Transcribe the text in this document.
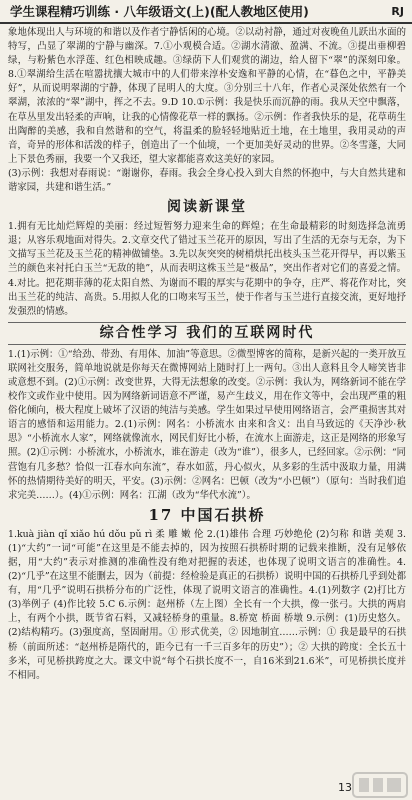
学生课程精巧训练 · 八年级语文(上)(配人教地区使用)	RJ

象地体现出人与环境的和谐以及作者宁静恬闲的心境。②以动衬静，通过对夜晚鱼儿跃出水面的特写，凸显了翠湖的宁静与幽深。7.①小观模合适。②湖水清澈、盈满、不流。③提出垂柳碧绿，与粉紫色水浮莲、红色相映成趣。③绿荫下人们观赏的湖边，给人留下“翠”的深刻印象。8.①翠湖给生活在喧嚣扰攘大城市中的人们带来淳朴安逸和平静的心情，在“暮色之中，平静美好”，从而说明翠湖的宁静，体现了昆明人的大度。③分别三十八年，作者心灵深处依然有一个翠湖，浓浓的“翠”湖中，挥之不去。9.D 10.①示例：我是快乐而沉静的雨。我从天空中飘落，在草丛里发出轻柔的声响，让我的心情像花草一样的飘扬。②示例：作者我快乐的是，花草萌生出陶醉的美感，我和自然谐和的空气，将温柔的脸轻轻地贴近土地，在土地里，我用灵动的声音，奇异的形体和活泼的样子，创造出了一个仙境，一个更加美好灵动的世界。②冬雪蓬，大同上下景色秀丽，我要一个又我还，望大家都能喜欢这美好的家园。

(3)示例：我想对春雨说：“谢谢你，春雨。我会全身心投入到大自然的怀抱中，与大自然共建和谐家园，共建和谐生活。”

阅读新课堂

1.拥有无比灿烂辉煌的美丽：经过短暂努力迎来生命的辉煌；在生命最精彩的时刻选择急流勇退；从容乐观地面对得失。2.文章交代了错过玉兰花开的原因，写出了生活的无奈与无奈，为下文描写玉兰花及玉兰花的精神做铺垫。3.先以灰突突的树梢烘托出枝头玉兰花开得早，再以紫玉兰的颜色来衬托白玉兰“无敌的艳”，从而表明这株玉兰是“极品”，突出作者对它们的喜爱之情。4.对比。把花期菲薄的花太阳自然、为谢而不暇的厚实与花期中的争夺，庄严、将花作对比，突出玉兰花的纯洁、高贵。5.用拟人化的口吻来写玉兰，使于作者与玉兰进行直接交流，更好地抒发强烈的情感。

综合性学习 我们的互联网时代

1.(1)示例：①“给劲、带劲、有用体、加油”等意思。②微型博客的简称，是新兴起的一类开放互联网社交服务，简单地说就是你每天在微博网站上随时打上一两句。③出人意料且令人啼笑皆非或意想不到。(2)①示例：改变世界，大得无法想象的改变。②示例：我认为，网络新词不能在学校作文或作业中使用。因为网络新词语意不严谨，易产生歧义，用在作文等中，会出现严重的粗俗化倾向，极大程度上破坏了汉语的纯洁与美感。学生如果过早使用网络语言，会严重损害其对语言的感悟和运用能力。2.(1)示例：网名：小桥流水 由来和含义：出自马致远的《天净沙·秋思》“小桥流水人家”，网络就像流水，网民们好比小桥，在流水上面游走，这正是网络的形象写照。(2)①示例：小桥流水，小桥流水，谁在游走（改为“谁”），很多人，已经回家。②示例：“同营饱有几多愁？恰似一江春水向东流”，春水如蓝，丹心似火，从多彩的生活中汲取力量，用满怀的热情期待美好的明天，平安。(3)示例：②网名：巴顿（改为“小巴顿”）（原句：当时我们追求完美……）。(4)①示例：网名：江湖（改为“华代水流”）。

17 中国石拱桥

1.kuà jiàn qǐ xiǎo hú dǒu pǔ rì 柔 雕 嫩 伦 2.(1)雄伟 合理 巧妙绝伦 (2)匀称 和谐 美观 3.(1)“大约”一词“可能”在这里是不能去掉的，因为按照石拱桥时期的记载来推断，没有足够依据，用“大约”表示对推测的准确性没有绝对把握的表述，也体现了说明文语言的准确性。4.(2)“几乎”在这里不能删去，因为（前提：经检验是真正的石拱桥）说明中国的石拱桥几乎到处都有，用“几乎”说明石拱桥分布的广泛性，体现了说明文语言的准确性。4.(1)列数字 (2)打比方 (3)举例子 (4)作比较 5.C 6.示例：赵州桥（左上图）全长有一个大拱，像一张弓。大拱的两肩上，有两个小拱，既节省石料，又减轻桥身的重量。8.桥宽 桥面 桥墩 9.示例：(1)历史悠久。(2)结构精巧。(3)强度高，坚固耐用。① 形式优美，② 因地制宜……示例：① 我是最早的石拱桥（前面所述：“赵州桥是隋代的，距今已有一千三百多年的历史”）；② 大拱的跨度：全长五十多米，可见桥拱跨度之大。课文中说“每个石拱长度不一，自16米到21.6米”，可见桥拱长度并不相同。

13
